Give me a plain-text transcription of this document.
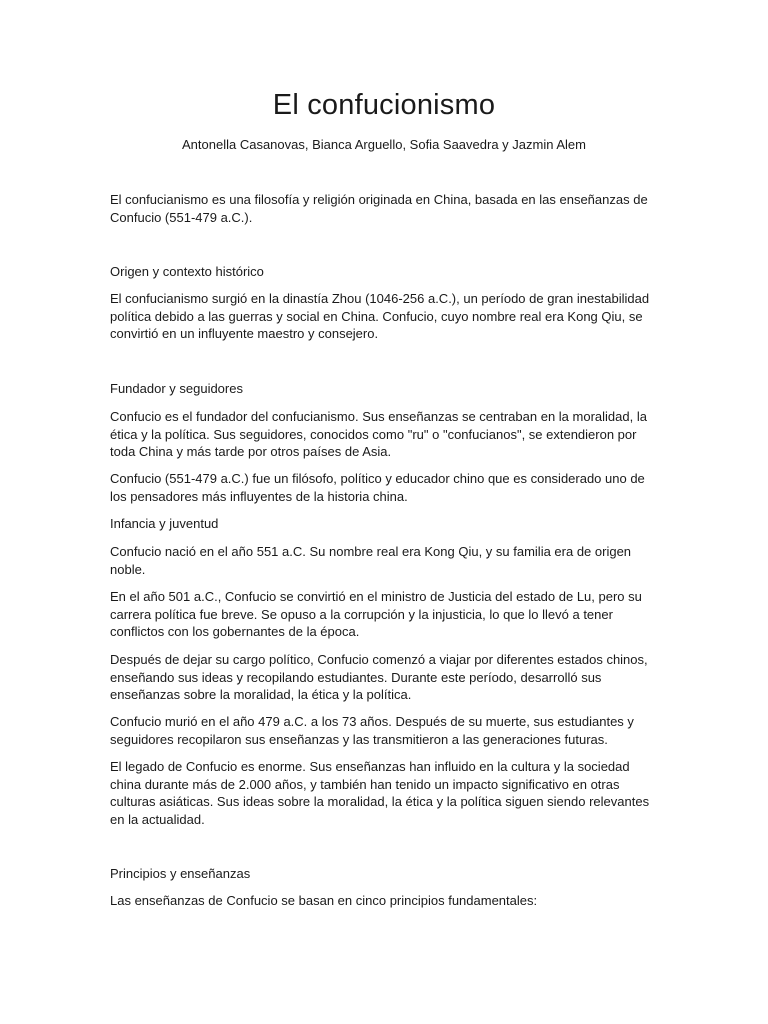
El confucionismo
Antonella Casanovas, Bianca Arguello, Sofia Saavedra y Jazmin Alem

El confucianismo es una filosofía y religión originada en China, basada en las enseñanzas de Confucio (551-479 a.C.).

Origen y contexto histórico

El confucianismo surgió en la dinastía Zhou (1046-256 a.C.), un período de gran inestabilidad política debido a las guerras y social en China. Confucio, cuyo nombre real era Kong Qiu, se convirtió en un influyente maestro y consejero.

Fundador y seguidores

Confucio es el fundador del confucianismo. Sus enseñanzas se centraban en la moralidad, la ética y la política. Sus seguidores, conocidos como "ru" o "confucianos", se extendieron por toda China y más tarde por otros países de Asia.

Confucio (551-479 a.C.) fue un filósofo, político y educador chino que es considerado uno de los pensadores más influyentes de la historia china.

Infancia y juventud

Confucio nació en el año 551 a.C. Su nombre real era Kong Qiu, y su familia era de origen noble.

En el año 501 a.C., Confucio se convirtió en el ministro de Justicia del estado de Lu, pero su carrera política fue breve. Se opuso a la corrupción y la injusticia, lo que lo llevó a tener conflictos con los gobernantes de la época.

Después de dejar su cargo político, Confucio comenzó a viajar por diferentes estados chinos, enseñando sus ideas y recopilando estudiantes. Durante este período, desarrolló sus enseñanzas sobre la moralidad, la ética y la política.

Confucio murió en el año 479 a.C. a los 73 años. Después de su muerte, sus estudiantes y seguidores recopilaron sus enseñanzas y las transmitieron a las generaciones futuras.

El legado de Confucio es enorme. Sus enseñanzas han influido en la cultura y la sociedad china durante más de 2.000 años, y también han tenido un impacto significativo en otras culturas asiáticas. Sus ideas sobre la moralidad, la ética y la política siguen siendo relevantes en la actualidad.

Principios y enseñanzas

Las enseñanzas de Confucio se basan en cinco principios fundamentales:
